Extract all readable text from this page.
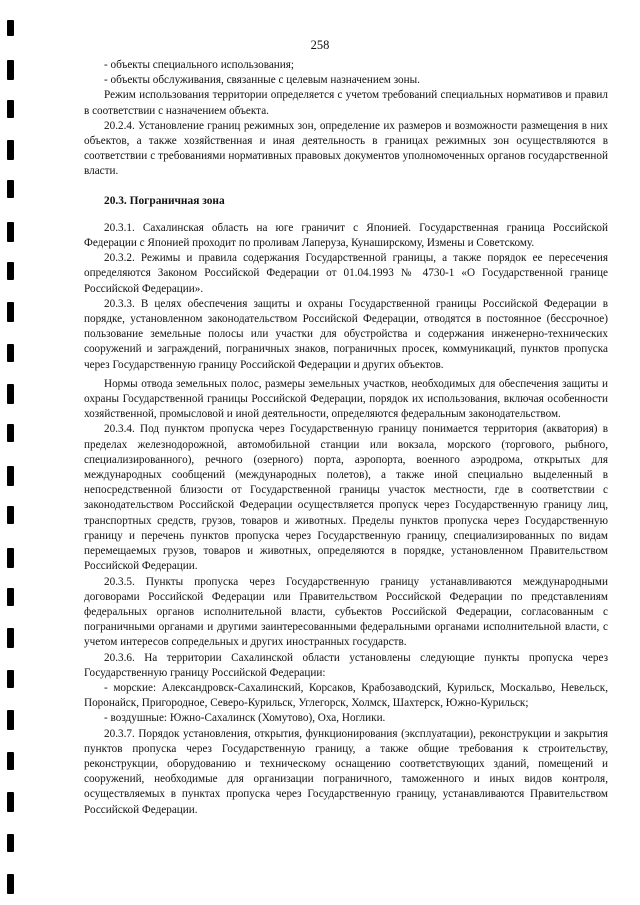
258

- объекты специального использования;

- объекты обслуживания, связанные с целевым назначением зоны.

Режим использования территории определяется с учетом требований специальных нормативов и правил в соответствии с назначением объекта.

20.2.4. Установление границ режимных зон, определение их размеров и возможности размещения в них объектов, а также хозяйственная и иная деятельность в границах режимных зон осуществляются в соответствии с требованиями нормативных правовых документов уполномоченных органов государственной власти.

20.3. Пограничная зона

20.3.1. Сахалинская область на юге граничит с Японией. Государственная граница Российской Федерации с Японией проходит по проливам Лаперуза, Кунаширскому, Измены и Советскому.

20.3.2. Режимы и правила содержания Государственной границы, а также порядок ее пересечения определяются Законом Российской Федерации от 01.04.1993 № 4730-1 «О Государственной границе Российской Федерации».

20.3.3. В целях обеспечения защиты и охраны Государственной границы Российской Федерации в порядке, установленном законодательством Российской Федерации, отводятся в постоянное (бессрочное) пользование земельные полосы или участки для обустройства и содержания инженерно-технических сооружений и заграждений, пограничных знаков, пограничных просек, коммуникаций, пунктов пропуска через Государственную границу Российской Федерации и других объектов.

Нормы отвода земельных полос, размеры земельных участков, необходимых для обеспечения защиты и охраны Государственной границы Российской Федерации, порядок их использования, включая особенности хозяйственной, промысловой и иной деятельности, определяются федеральным законодательством.

20.3.4. Под пунктом пропуска через Государственную границу понимается территория (акватория) в пределах железнодорожной, автомобильной станции или вокзала, морского (торгового, рыбного, специализированного), речного (озерного) порта, аэропорта, военного аэродрома, открытых для международных сообщений (международных полетов), а также иной специально выделенный в непосредственной близости от Государственной границы участок местности, где в соответствии с законодательством Российской Федерации осуществляется пропуск через Государственную границу лиц, транспортных средств, грузов, товаров и животных. Пределы пунктов пропуска через Государственную границу и перечень пунктов пропуска через Государственную границу, специализированных по видам перемещаемых грузов, товаров и животных, определяются в порядке, установленном Правительством Российской Федерации.

20.3.5. Пункты пропуска через Государственную границу устанавливаются международными договорами Российской Федерации или Правительством Российской Федерации по представлениям федеральных органов исполнительной власти, субъектов Российской Федерации, согласованным с пограничными органами и другими заинтересованными федеральными органами исполнительной власти, с учетом интересов сопредельных и других иностранных государств.

20.3.6. На территории Сахалинской области установлены следующие пункты пропуска через Государственную границу Российской Федерации:

- морские: Александровск-Сахалинский, Корсаков, Крабозаводский, Курильск, Москальво, Невельск, Поронайск, Пригородное, Северо-Курильск, Углегорск, Холмск, Шахтерск, Южно-Курильск;

- воздушные: Южно-Сахалинск (Хомутово), Оха, Ноглики.

20.3.7. Порядок установления, открытия, функционирования (эксплуатации), реконструкции и закрытия пунктов пропуска через Государственную границу, а также общие требования к строительству, реконструкции, оборудованию и техническому оснащению соответствующих зданий, помещений и сооружений, необходимые для организации пограничного, таможенного и иных видов контроля, осуществляемых в пунктах пропуска через Государственную границу, устанавливаются Правительством Российской Федерации.
